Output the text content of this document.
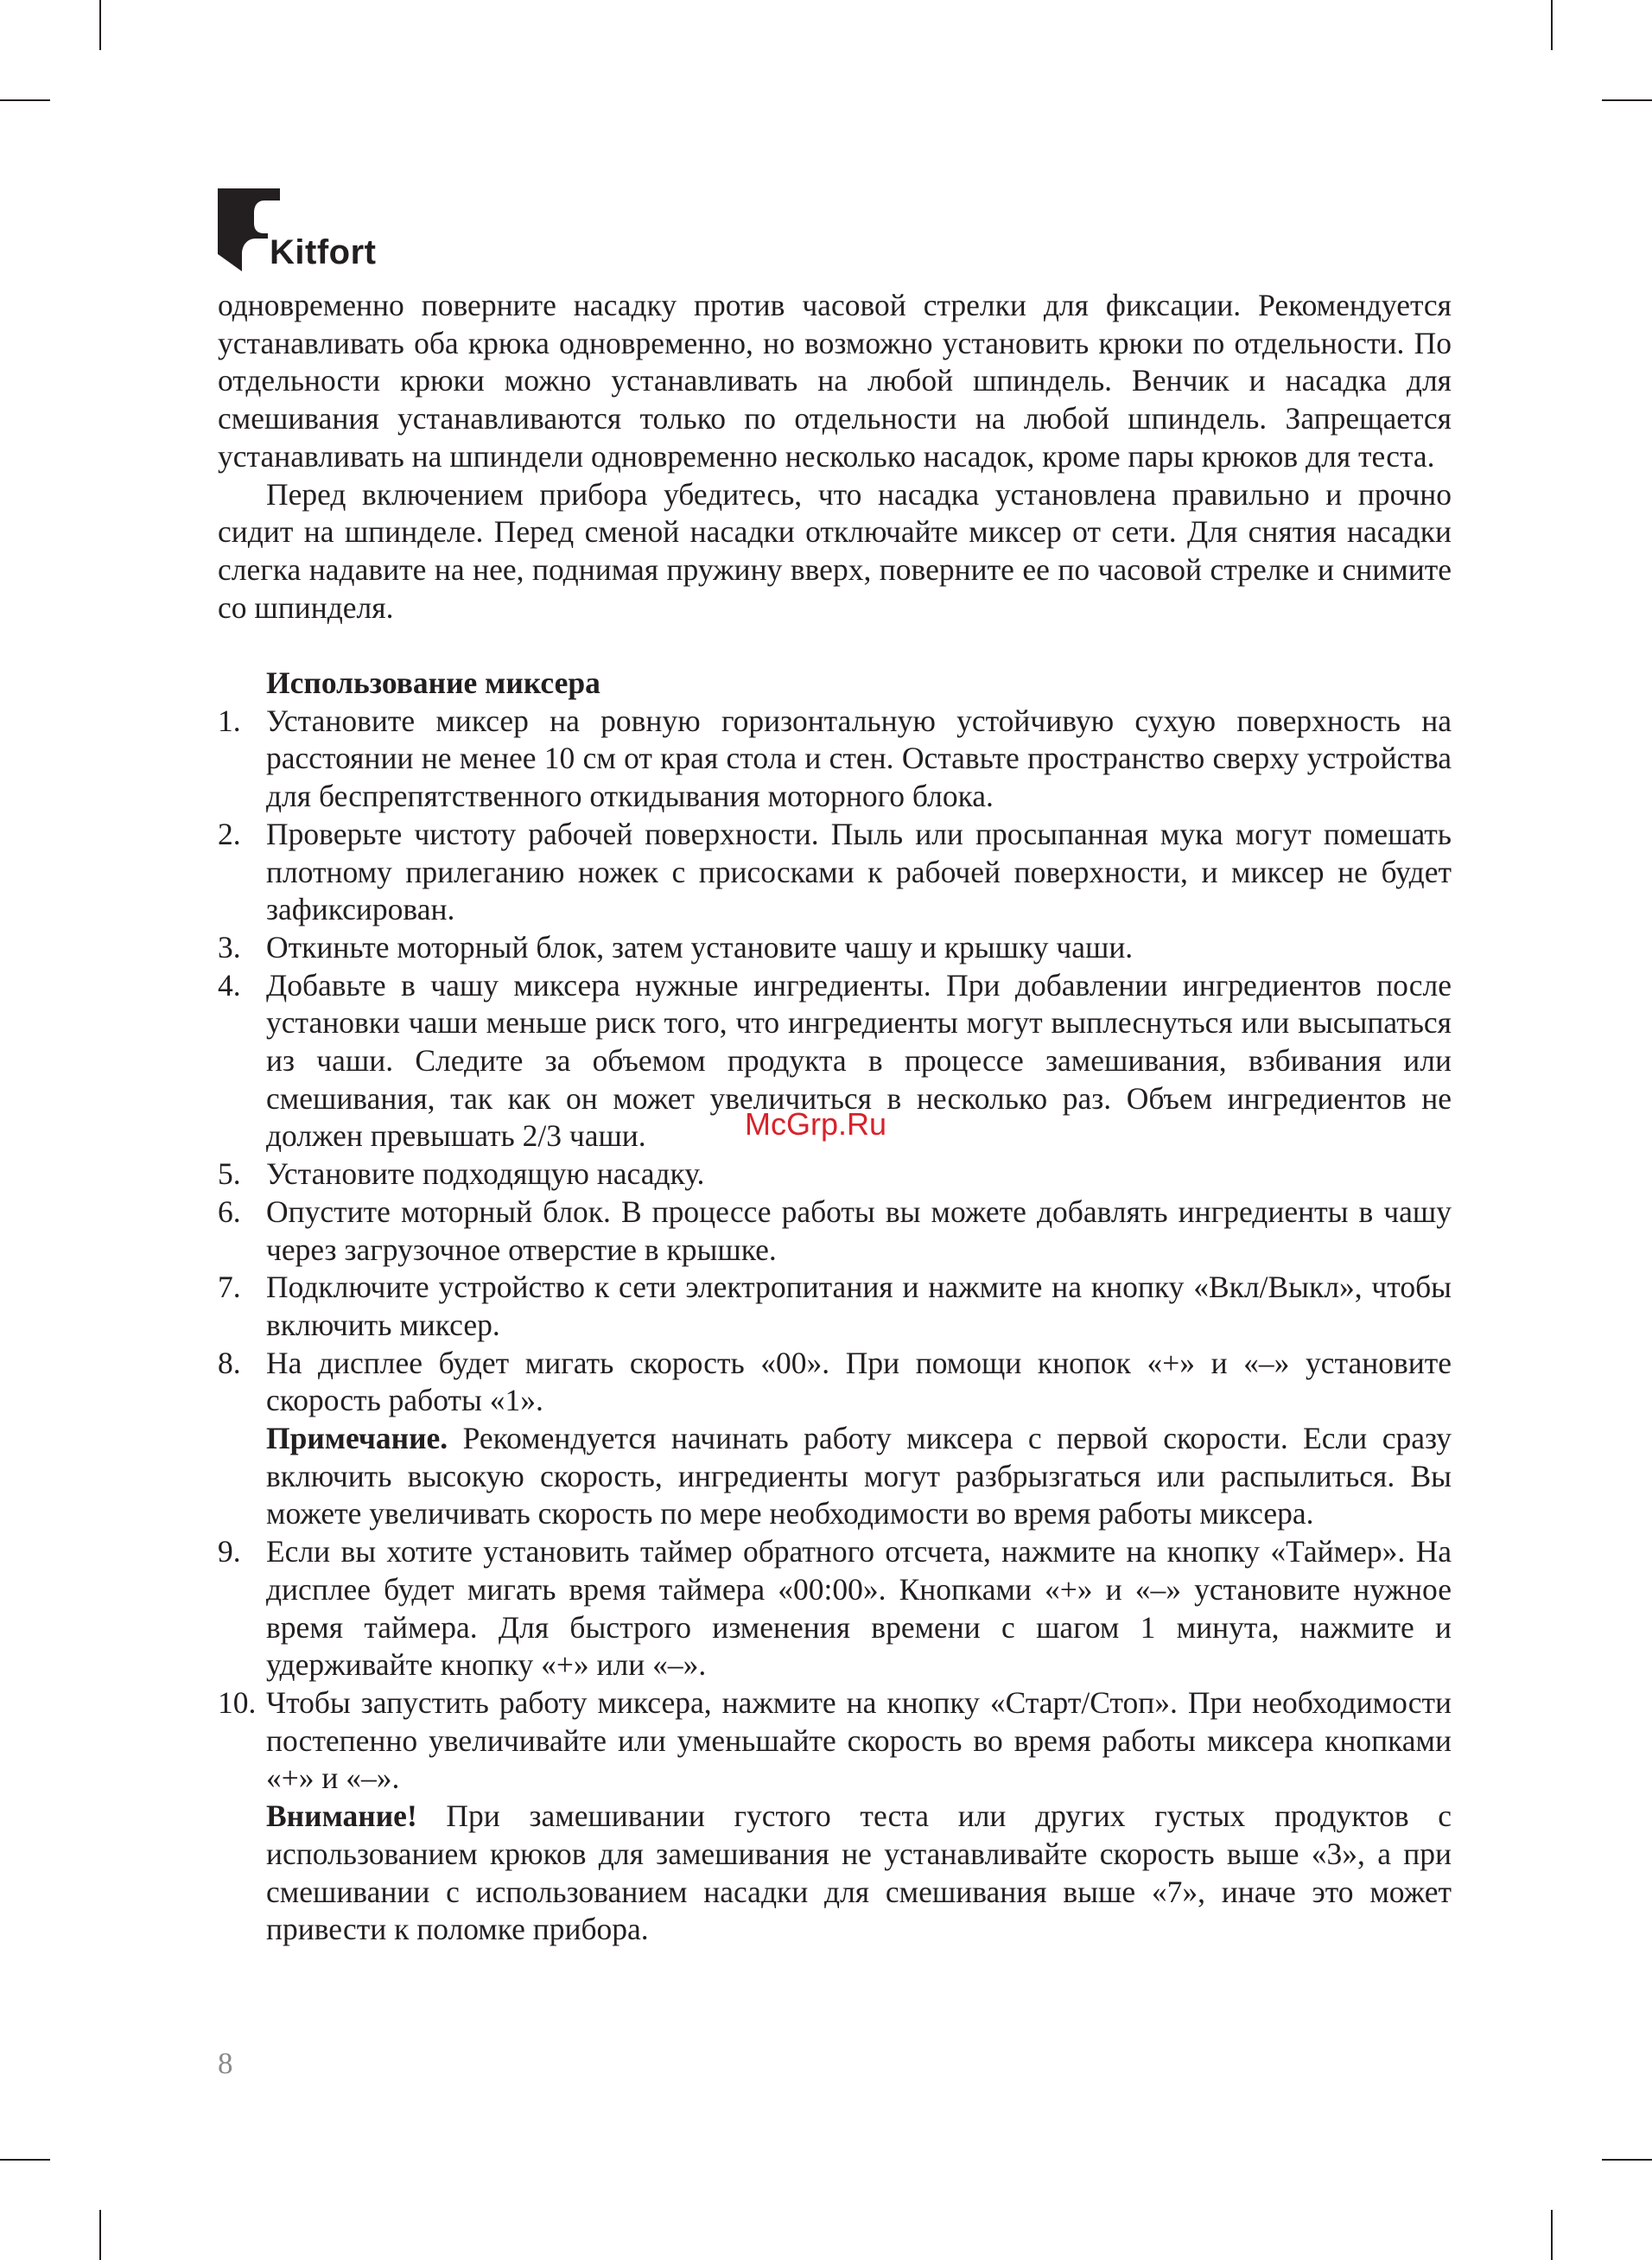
Kitfort

одновременно поверните насадку против часовой стрелки для фиксации. Рекомендуется устанавливать оба крюка одновременно, но возможно установить крюки по отдельности. По отдельности крюки можно устанавливать на любой шпиндель. Венчик и насадка для смешивания устанавливаются только по отдельности на любой шпиндель. Запрещается устанавливать на шпиндели одновременно несколько насадок, кроме пары крюков для теста.

Перед включением прибора убедитесь, что насадка установлена правильно и прочно сидит на шпинделе. Перед сменой насадки отключайте миксер от сети. Для снятия насадки слегка надавите на нее, поднимая пружину вверх, поверните ее по часовой стрелке и снимите со шпинделя.

Использование миксера

1. Установите миксер на ровную горизонтальную устойчивую сухую поверхность на расстоянии не менее 10 см от края стола и стен. Оставьте пространство сверху устройства для беспрепятственного откидывания моторного блока.
2. Проверьте чистоту рабочей поверхности. Пыль или просыпанная мука могут помешать плотному прилеганию ножек с присосками к рабочей поверхности, и миксер не будет зафиксирован.
3. Откиньте моторный блок, затем установите чашу и крышку чаши.
4. Добавьте в чашу миксера нужные ингредиенты. При добавлении ингредиентов после установки чаши меньше риск того, что ингредиенты могут выплеснуться или высыпаться из чаши. Следите за объемом продукта в процессе замешивания, взбивания или смешивания, так как он может увеличиться в несколько раз. Объем ингредиентов не должен превышать 2/3 чаши.
5. Установите подходящую насадку.
6. Опустите моторный блок. В процессе работы вы можете добавлять ингредиенты в чашу через загрузочное отверстие в крышке.
7. Подключите устройство к сети электропитания и нажмите на кнопку «Вкл/Выкл», чтобы включить миксер.
8. На дисплее будет мигать скорость «00». При помощи кнопок «+» и «–» установите скорость работы «1».

Примечание. Рекомендуется начинать работу миксера с первой скорости. Если сразу включить высокую скорость, ингредиенты могут разбрызгаться или распылиться. Вы можете увеличивать скорость по мере необходимости во время работы миксера.

9. Если вы хотите установить таймер обратного отсчета, нажмите на кнопку «Таймер». На дисплее будет мигать время таймера «00:00». Кнопками «+» и «–» установите нужное время таймера. Для быстрого изменения времени с шагом 1 минута, нажмите и удерживайте кнопку «+» или «–».
10. Чтобы запустить работу миксера, нажмите на кнопку «Старт/Стоп». При необходимости постепенно увеличивайте или уменьшайте скорость во время работы миксера кнопками «+» и «–».

Внимание! При замешивании густого теста или других густых продуктов с использованием крюков для замешивания не устанавливайте скорость выше «3», а при смешивании с использованием насадки для смешивания выше «7», иначе это может привести к поломке прибора.

McGrp.Ru
8
